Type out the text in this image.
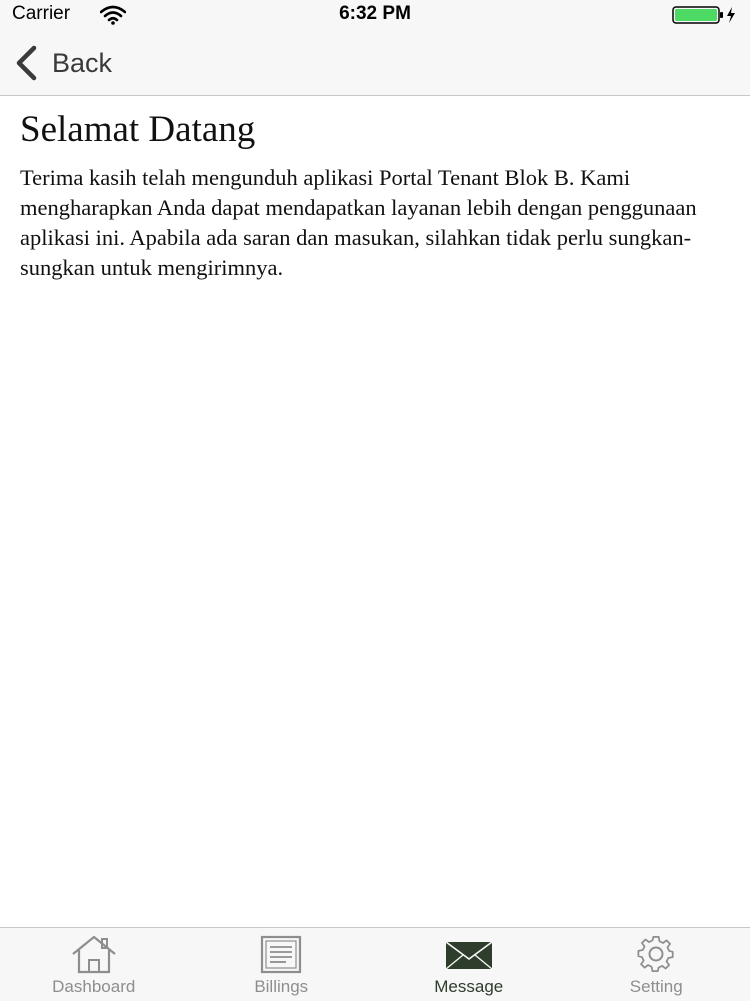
Carrier	6:32 PM
Back
Selamat Datang

Terima kasih telah mengunduh aplikasi Portal Tenant Blok B. Kami mengharapkan Anda dapat mendapatkan layanan lebih dengan penggunaan aplikasi ini. Apabila ada saran dan masukan, silahkan tidak perlu sungkan-sungkan untuk mengirimnya.

Dashboard	Billings	Message	Setting
